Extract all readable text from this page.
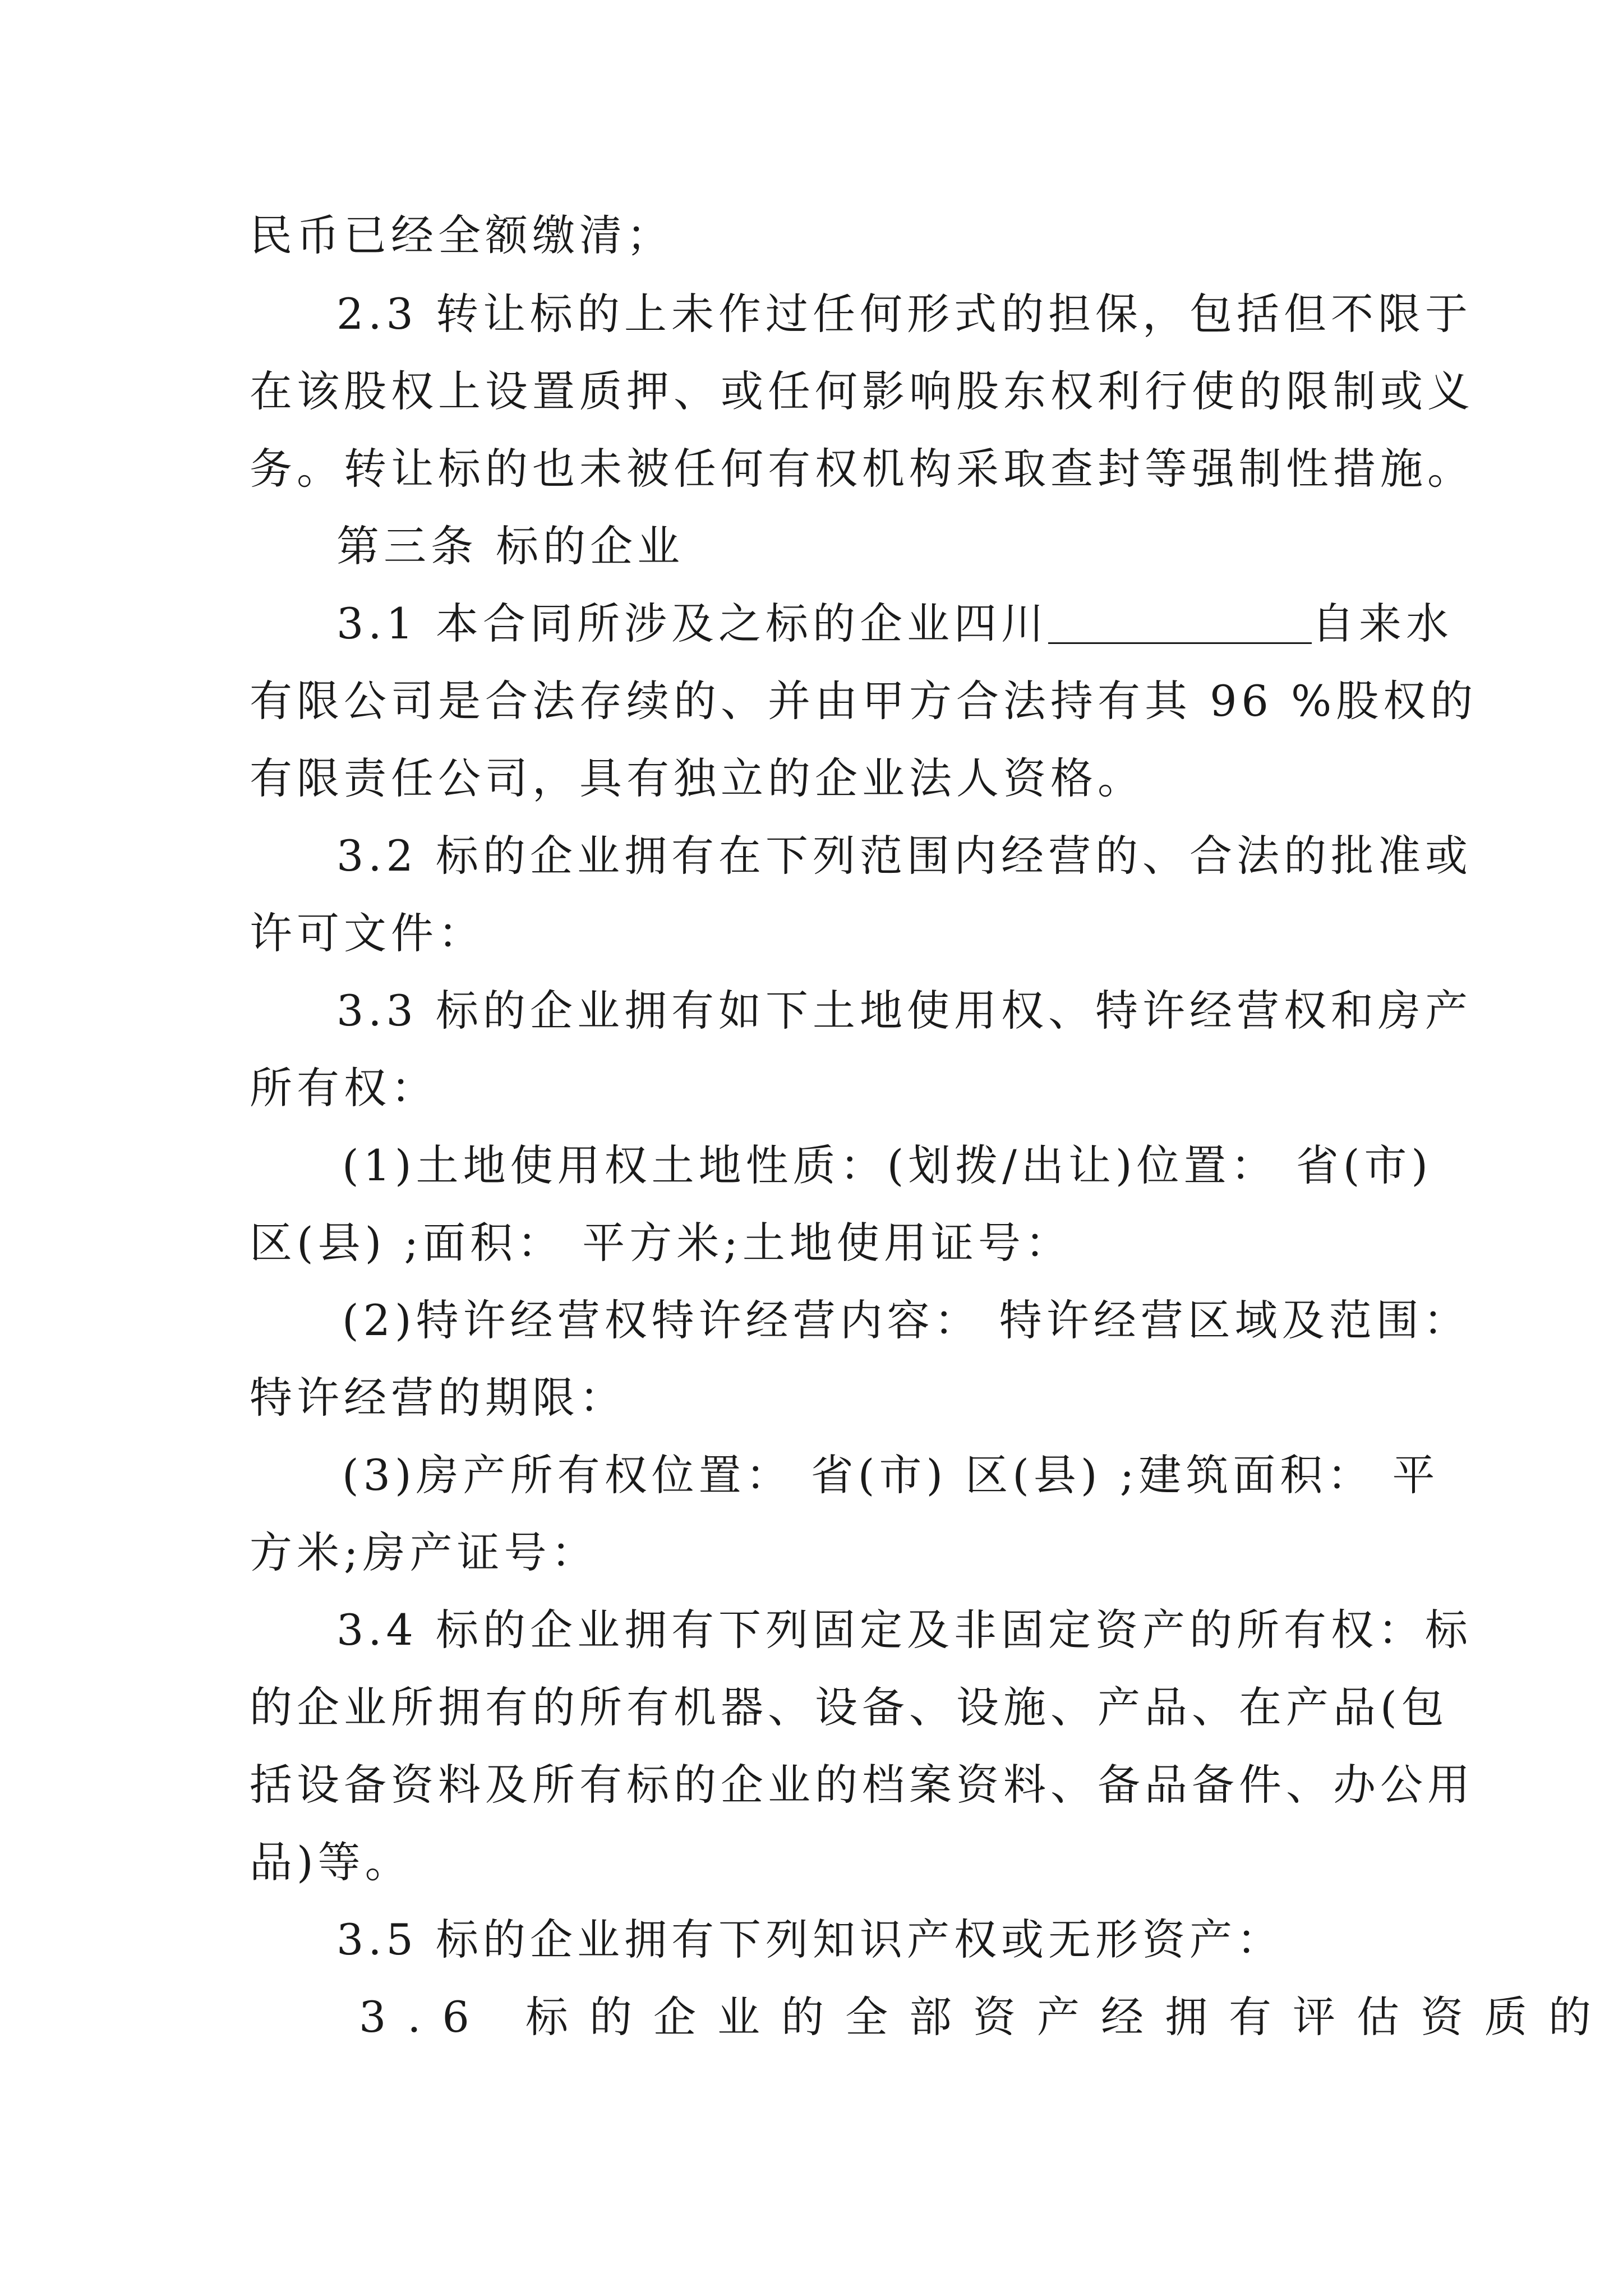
民币已经全额缴清；

2.3 转让标的上未作过任何形式的担保，包括但不限于

在该股权上设置质押、或任何影响股东权利行使的限制或义

务。转让标的也未被任何有权机构采取查封等强制性措施。

第三条 标的企业

3.1 本合同所涉及之标的企业四川	自来水

有限公司是合法存续的、并由甲方合法持有其 96 %股权的

有限责任公司，具有独立的企业法人资格。

3.2 标的企业拥有在下列范围内经营的、合法的批准或

许可文件：

3.3 标的企业拥有如下土地使用权、特许经营权和房产

所有权：

(1)土地使用权土地性质：(划拨/出让)位置： 省(市)

区(县) ;面积： 平方米;土地使用证号：

(2)特许经营权特许经营内容： 特许经营区域及范围：

特许经营的期限：

(3)房产所有权位置： 省(市) 区(县) ;建筑面积： 平

方米;房产证号：

3.4 标的企业拥有下列固定及非固定资产的所有权：标

的企业所拥有的所有机器、设备、设施、产品、在产品(包

括设备资料及所有标的企业的档案资料、备品备件、办公用

品)等。

3.5 标的企业拥有下列知识产权或无形资产：

3.6 标的企业的全部资产经拥有评估资质的
